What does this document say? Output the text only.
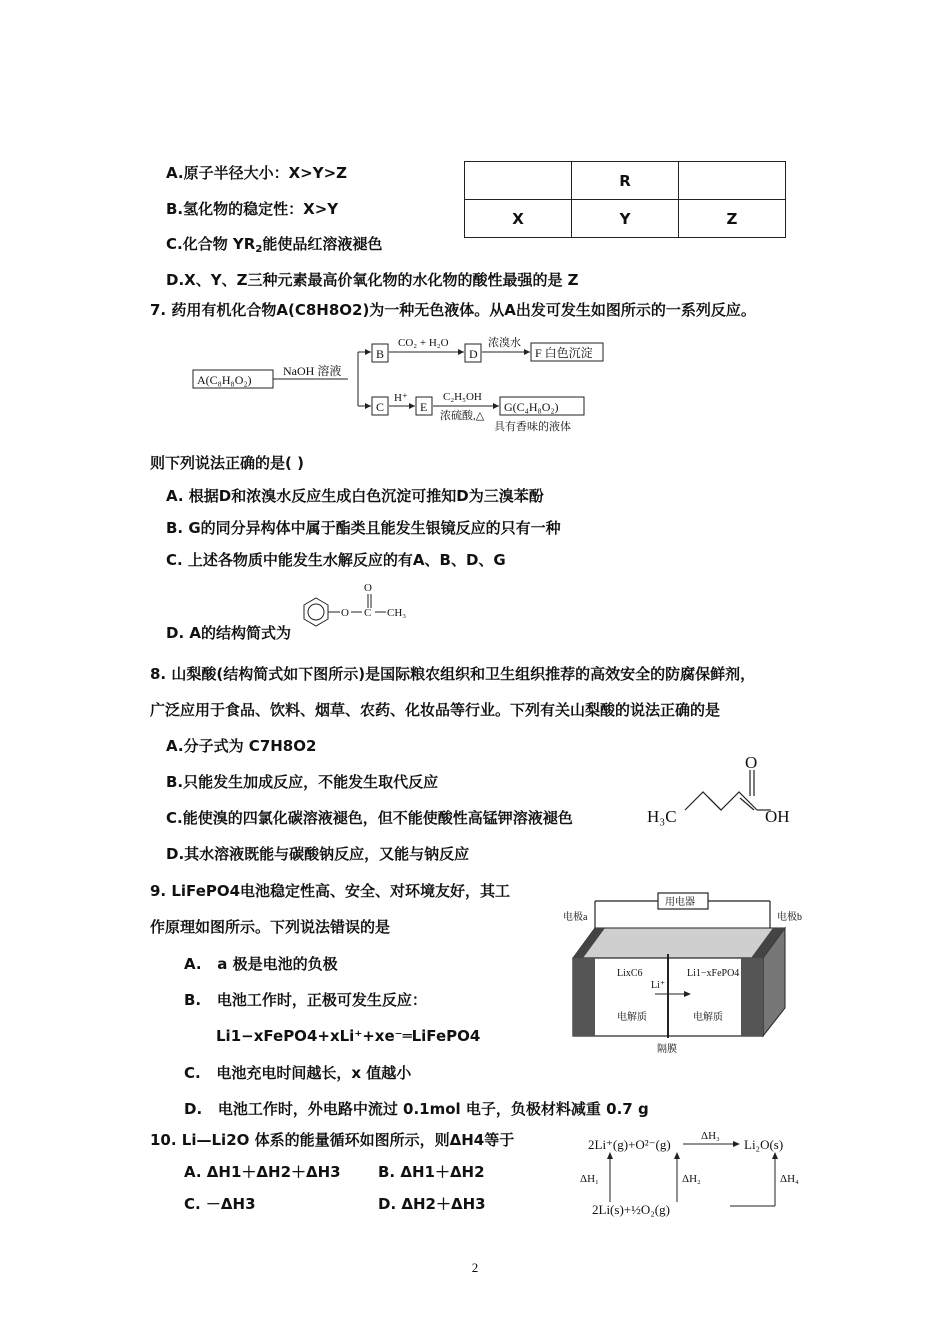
A.原子半径大小：X>Y>Z
B.氢化物的稳定性：X>Y
C.化合物 $YR_2$能使品红溶液褪色
D.X、Y、Z三种元素最高价氧化物的水化物的酸性最强的是 Z
	R	
X	Y	Z
7. 药用有机化合物A(C8H8O2)为一种无色液体。从A出发可发生如图所示的一系列反应。
A(C₈H₈O₂)
NaOH 溶液
B
CO₂ + H₂O
D
浓溴水
F 白色沉淀
C
H⁺
E
C₂H₅OH
浓硫酸,△
G(C₄H₈O₂)
具有香味的液体
则下列说法正确的是( )
A. 根据D和浓溴水反应生成白色沉淀可推知D为三溴苯酚
B. G的同分异构体中属于酯类且能发生银镜反应的只有一种
C. 上述各物质中能发生水解反应的有A、B、D、G
D. A的结构简式为
O
O
C CH₃
8. 山梨酸(结构简式如下图所示)是国际粮农组织和卫生组织推荐的高效安全的防腐保鲜剂，
广泛应用于食品、饮料、烟草、农药、化妆品等行业。下列有关山梨酸的说法正确的是
A.分子式为 C7H8O2
B.只能发生加成反应，不能发生取代反应
C.能使溴的四氯化碳溶液褪色，但不能使酸性高锰钾溶液褪色
D.其水溶液既能与碳酸钠反应，又能与钠反应
H₃C
O
OH
9. LiFePO4电池稳定性高、安全、对环境友好，其工
作原理如图所示。下列说法错误的是
A. a 极是电池的负极
B. 电池工作时，正极可发生反应：
Li1−xFePO4+xLi⁺+xe⁻═LiFePO4
C. 电池充电时间越长，x 值越小
D. 电池工作时，外电路中流过 0.1mol 电子，负极材料减重 0.7 g
用电器
电极a	电极b
LixC6	Li1−xFePO4
Li⁺
电解质	电解质
隔膜
10. Li—Li2O 体系的能量循环如图所示，则ΔH4等于
A. ΔH1＋ΔH2＋ΔH3 B. ΔH1＋ΔH2
C. －ΔH3	D. ΔH2＋ΔH3
2Li⁺(g)+O²⁻(g)	Li₂O(s)
2Li(s)+½O₂(g)
ΔH₃
ΔH₁	ΔH₂	ΔH₄
2
